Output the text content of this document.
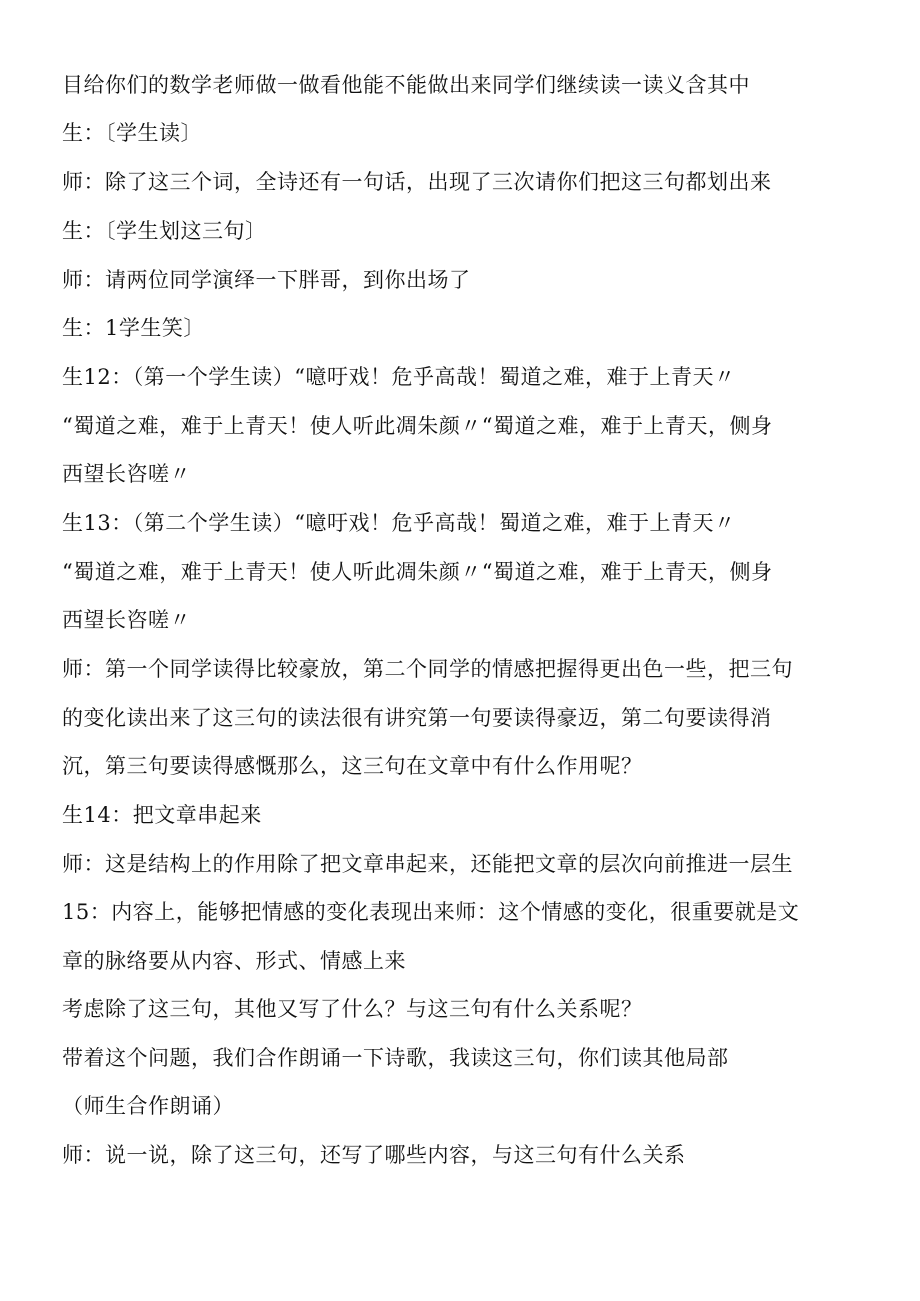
目给你们的数学老师做一做看他能不能做出来同学们继续读一读义含其中
生：〔学生读〕
师：除了这三个词，全诗还有一句话，出现了三次请你们把这三句都划出来
生：〔学生划这三句〕
师：请两位同学演绎一下胖哥，到你出场了
生：1学生笑〕
生12：（第一个学生读）“噫吁戏！危乎高哉！蜀道之难，难于上青天〃
“蜀道之难，难于上青天！使人听此凋朱颜〃“蜀道之难，难于上青天，侧身
西望长咨嗟〃
生13：（第二个学生读）“噫吁戏！危乎高哉！蜀道之难，难于上青天〃
“蜀道之难，难于上青天！使人听此凋朱颜〃“蜀道之难，难于上青天，侧身
西望长咨嗟〃
师：第一个同学读得比较豪放，第二个同学的情感把握得更出色一些，把三句
的变化读出来了这三句的读法很有讲究第一句要读得豪迈，第二句要读得消
沉，第三句要读得感慨那么，这三句在文章中有什么作用呢？
生14：把文章串起来
师：这是结构上的作用除了把文章串起来，还能把文章的层次向前推进一层生
15：内容上，能够把情感的变化表现出来师：这个情感的变化，很重要就是文
章的脉络要从内容、形式、情感上来
考虑除了这三句，其他又写了什么？与这三句有什么关系呢？
带着这个问题，我们合作朗诵一下诗歌，我读这三句，你们读其他局部
（师生合作朗诵）
师：说一说，除了这三句，还写了哪些内容，与这三句有什么关系
